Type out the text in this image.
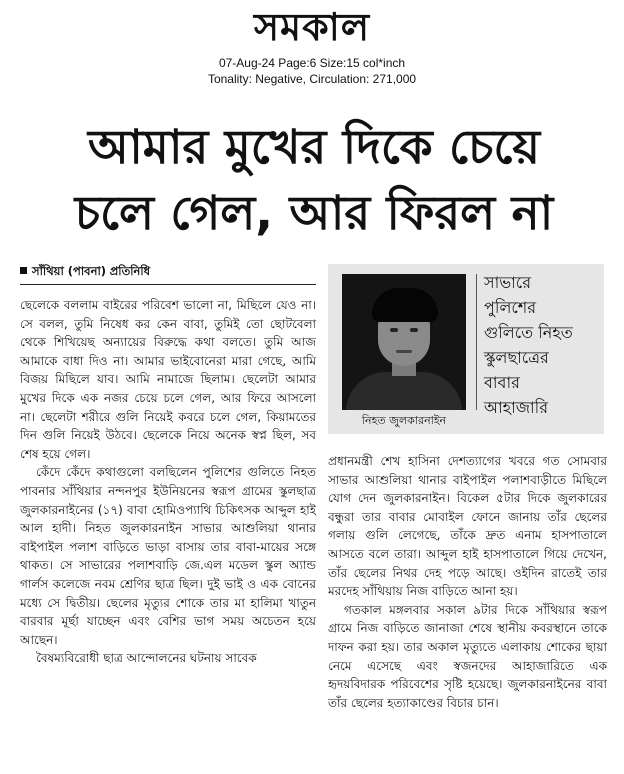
সমকাল
07-Aug-24 Page:6 Size:15 col*inch
Tonality: Negative, Circulation: 271,000
আমার মুখের দিকে চেয়ে
চলে গেল, আর ফিরল না
সাঁথিয়া (পাবনা) প্রতিনিধি

ছেলেকে বললাম বাইরের পরিবেশ ভালো না, মিছিলে যেও না। সে বলল, তুমি নিষেধ কর কেন বাবা, তুমিই তো ছোটবেলা থেকে শিখিয়েছ অন্যায়ের বিরুদ্ধে কথা বলতে। তুমি আজ আমাকে বাধা দিও না। আমার ভাইবোনেরা মারা গেছে, আমি বিজয় মিছিলে যাব। আমি নামাজে ছিলাম। ছেলেটা আমার মুখের দিকে এক নজর চেয়ে চলে গেল, আর ফিরে আসলো না। ছেলেটা শরীরে গুলি নিয়েই কবরে চলে গেল, কিয়ামতের দিন গুলি নিয়েই উঠবে। ছেলেকে নিয়ে অনেক স্বপ্ন ছিল, সব শেষ হয়ে গেল।

কেঁদে কেঁদে কথাগুলো বলছিলেন পুলিশের গুলিতে নিহত পাবনার সাঁথিয়ার নন্দনপুর ইউনিয়নের স্বরূপ গ্রামের স্কুলছাত্র জুলকারনাইনের (১৭) বাবা হোমিওপ্যাথি চিকিৎসক আব্দুল হাই আল হাদী। নিহত জুলকারনাইন সাভার আশুলিয়া থানার বাইপাইল পলাশ বাড়িতে ভাড়া বাসায় তার বাবা-মায়ের সঙ্গে থাকত। সে সাভারের পলাশবাড়ি জে.এল মডেল স্কুল অ্যান্ড গার্লস কলেজে নবম শ্রেণির ছাত্র ছিল। দুই ভাই ও এক বোনের মধ্যে সে দ্বিতীয়। ছেলের মৃত্যুর শোকে তার মা হালিমা খাতুন বারবার মূর্ছা যাচ্ছেন এবং বেশির ভাগ সময় অচেতন হয়ে আছেন।

বৈষম্যবিরোধী ছাত্র আন্দোলনের ঘটনায় সাবেক

নিহত জুলকারনাইন
সাভারে
পুলিশের
গুলিতে নিহত
স্কুলছাত্রের
বাবার
আহাজারি

প্রধানমন্ত্রী শেখ হাসিনা দেশত্যাগের খবরে গত সোমবার সাভার আশুলিয়া থানার বাইপাইল পলাশবাড়ীতে মিছিলে যোগ দেন জুলকারনাইন। বিকেল ৫টার দিকে জুলকারের বন্ধুরা তার বাবার মোবাইল ফোনে জানায় তাঁর ছেলের গলায় গুলি লেগেছে, তাঁকে দ্রুত এনাম হাসপাতালে আসতে বলে তারা। আব্দুল হাই হাসপাতালে গিয়ে দেখেন, তাঁর ছেলের নিথর দেহ পড়ে আছে। ওইদিন রাতেই তার মরদেহ সাঁথিয়ায় নিজ বাড়িতে আনা হয়।

গতকাল মঙ্গলবার সকাল ৯টার দিকে সাঁথিয়ার স্বরূপ গ্রামে নিজ বাড়িতে জানাজা শেষে স্থানীয় কবরস্থানে তাকে দাফন করা হয়। তার অকাল মৃত্যুতে এলাকায় শোকের ছায়া নেমে এসেছে এবং স্বজনদের আহাজারিতে এক হৃদয়বিদারক পরিবেশের সৃষ্টি হয়েছে। জুলকারনাইনের বাবা তাঁর ছেলের হত্যাকাণ্ডের বিচার চান।
